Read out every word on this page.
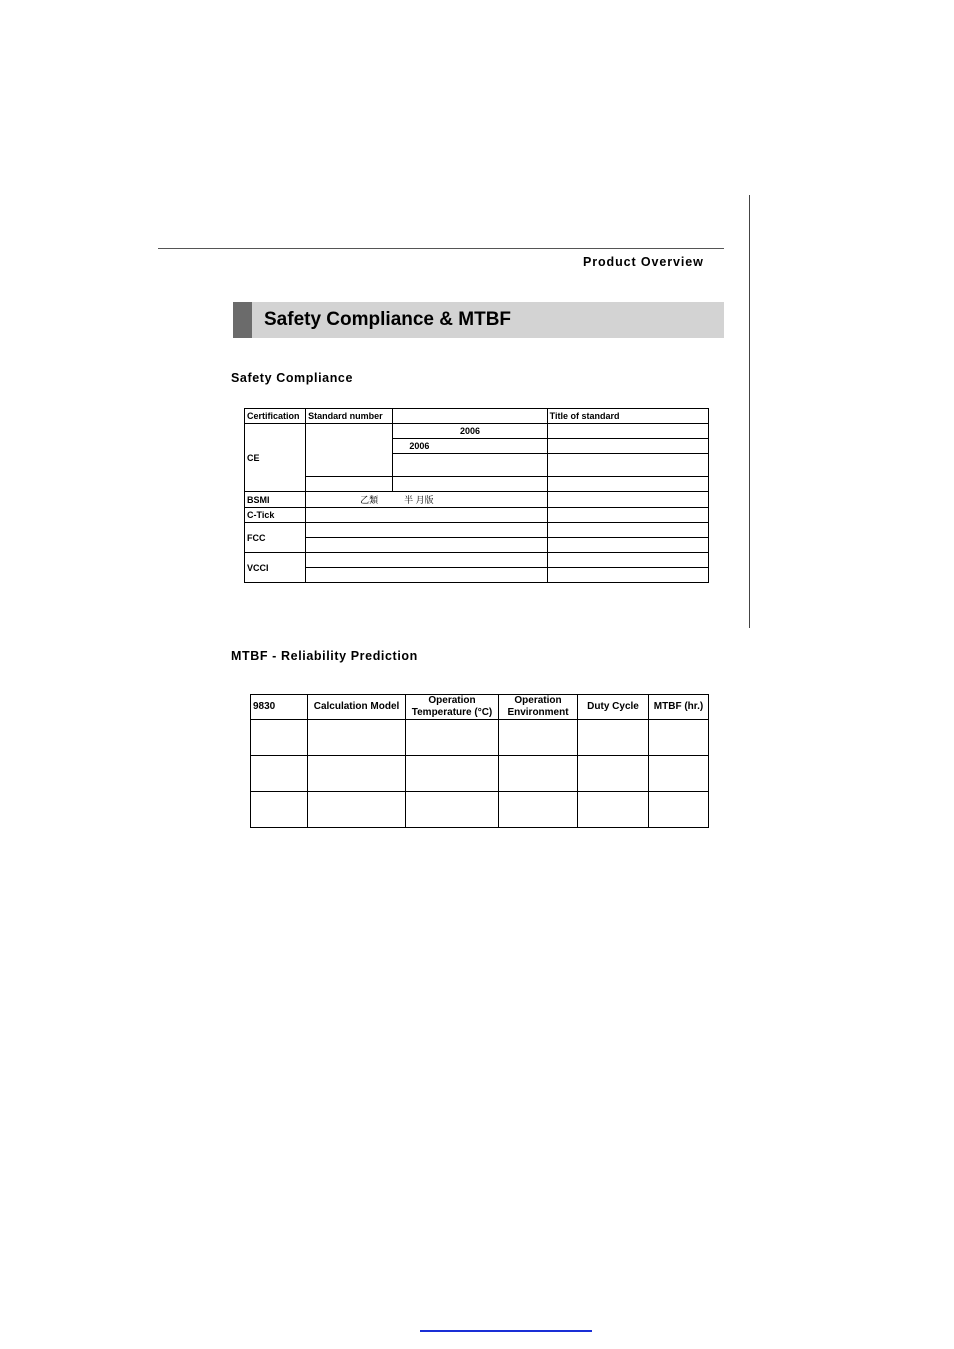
Product Overview
Safety Compliance & MTBF
Safety Compliance
Certification	Standard number		Title of standard
CE		2006	
		2006	

BSMI	乙類 半 月版		
C-Tick			
FCC			

VCCI			

MTBF - Reliability Prediction
9830	Calculation Model	Operation Temperature (°C)	Operation Environment	Duty Cycle	MTBF (hr.)
